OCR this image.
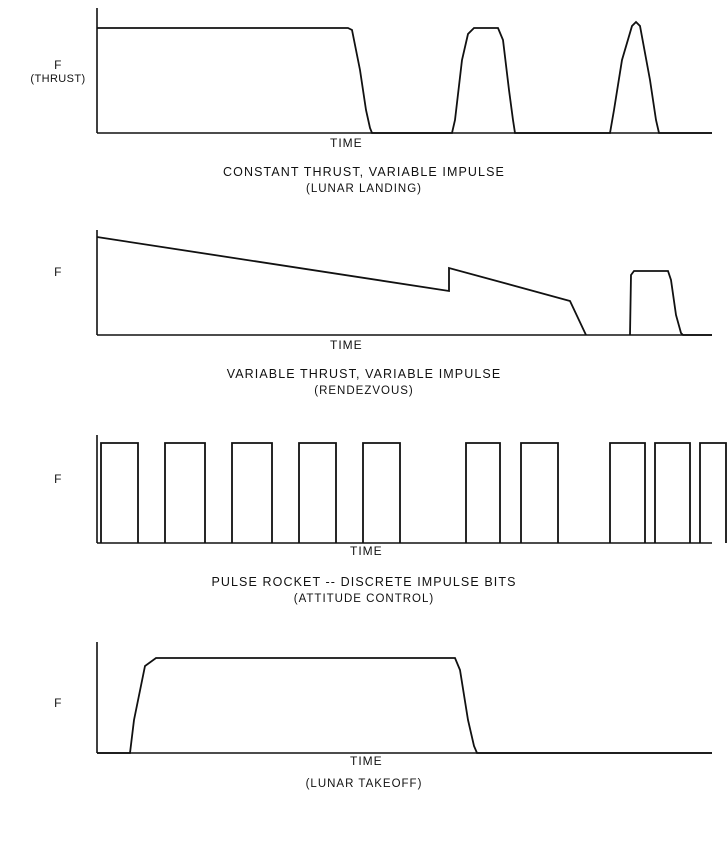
F
(THRUST)
TIME
CONSTANT THRUST, VARIABLE IMPULSE
(LUNAR LANDING)
F
TIME
VARIABLE THRUST, VARIABLE IMPULSE
(RENDEZVOUS)
F
TIME
PULSE ROCKET -- DISCRETE IMPULSE BITS
(ATTITUDE CONTROL)
F
TIME
(LUNAR TAKEOFF)
